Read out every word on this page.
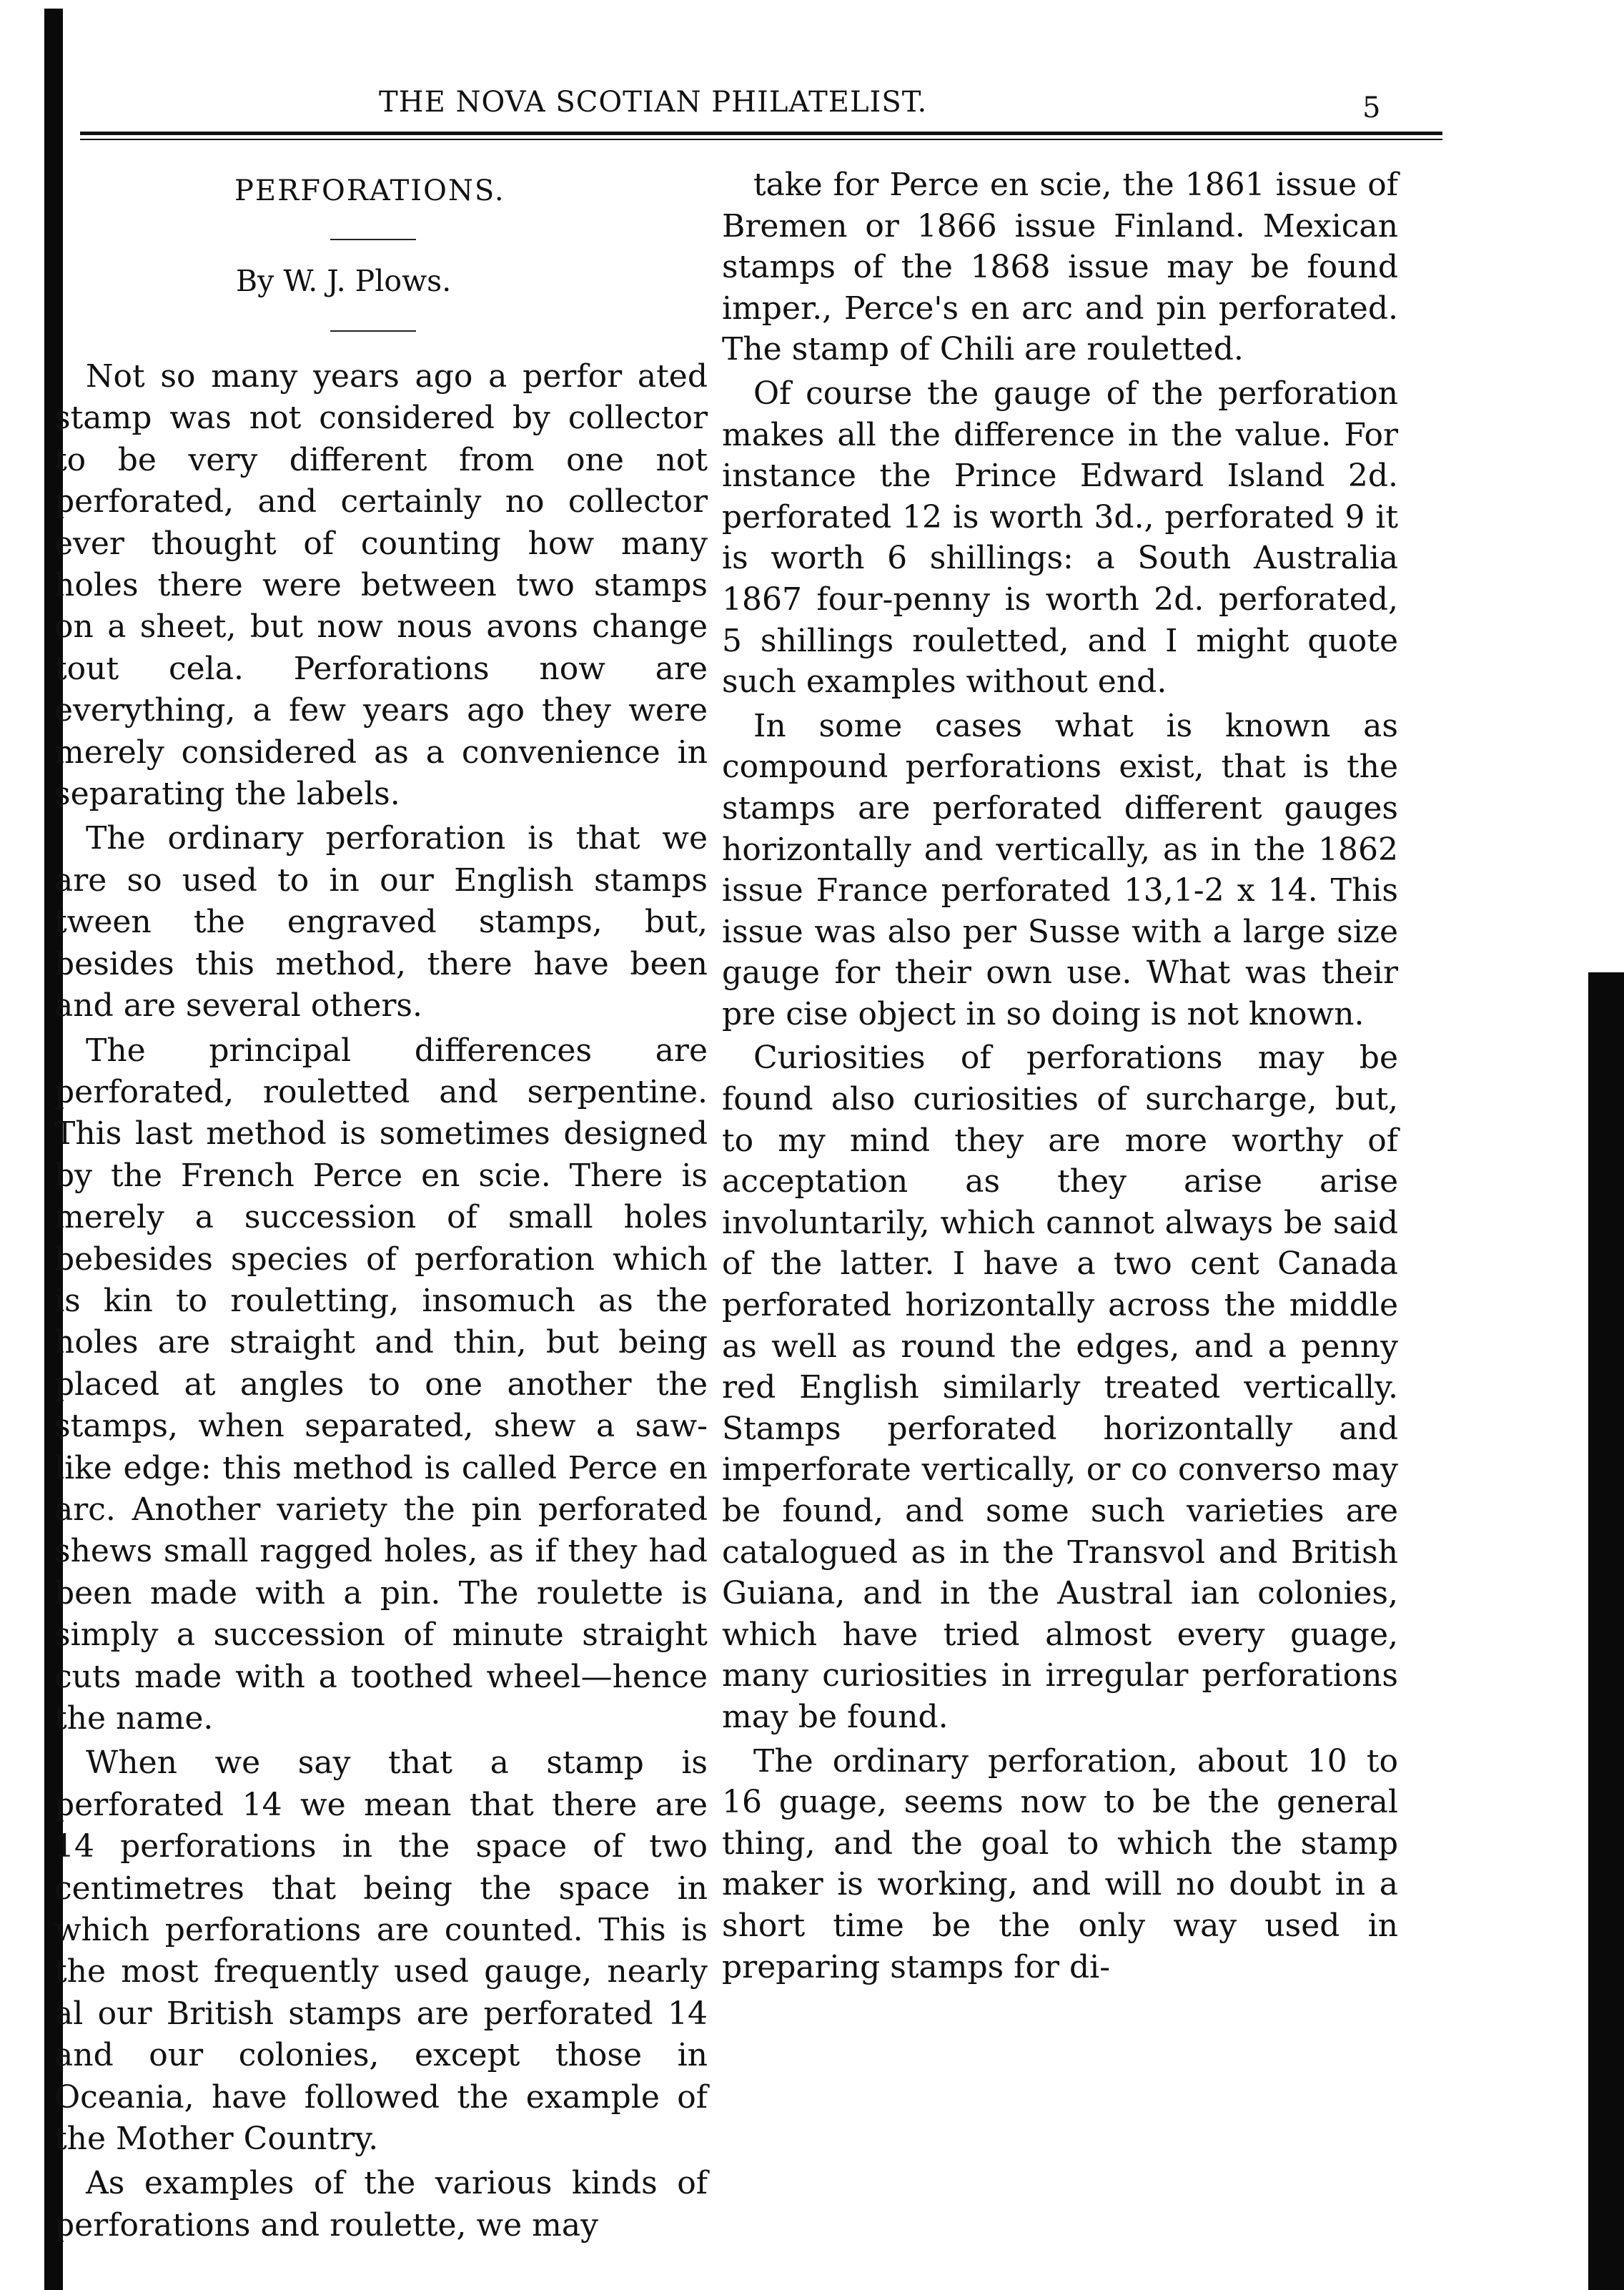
THE NOVA SCOTIAN PHILATELIST.	5
PERFORATIONS.
By W. J. Plows.

Not so many years ago a perfor ated stamp was not considered by collector to be very different from one not perforated, and certainly no collector ever thought of counting how many holes there were between two stamps on a sheet, but now nous avons change tout cela. Perforations now are everything, a few years ago they were merely considered as a convenience in separating the labels.

The ordinary perforation is that we are so used to in our English stamps tween the engraved stamps, but, besides this method, there have been and are several others.

The principal differences are perforated, rouletted and serpentine. This last method is sometimes designed by the French Perce en scie. There is merely a succession of small holes bebesides species of perforation which is kin to rouletting, insomuch as the holes are straight and thin, but being placed at angles to one another the stamps, when separated, shew a saw-like edge: this method is called Perce en arc. Another variety the pin perforated shews small ragged holes, as if they had been made with a pin. The roulette is simply a succession of minute straight cuts made with a toothed wheel—hence the name.

When we say that a stamp is perforated 14 we mean that there are 14 perforations in the space of two centimetres that being the space in which perforations are counted. This is the most frequently used gauge, nearly al our British stamps are perforated 14 and our colonies, except those in Oceania, have followed the example of the Mother Country.

As examples of the various kinds of perforations and roulette, we may

take for Perce en scie, the 1861 issue of Bremen or 1866 issue Finland. Mexican stamps of the 1868 issue may be found imper., Perce's en arc and pin perforated. The stamp of Chili are rouletted.

Of course the gauge of the perforation makes all the difference in the value. For instance the Prince Edward Island 2d. perforated 12 is worth 3d., perforated 9 it is worth 6 shillings: a South Australia 1867 four-penny is worth 2d. perforated, 5 shillings rouletted, and I might quote such examples without end.

In some cases what is known as compound perforations exist, that is the stamps are perforated different gauges horizontally and vertically, as in the 1862 issue France perforated 13,1-2 x 14. This issue was also per Susse with a large size gauge for their own use. What was their pre cise object in so doing is not known.

Curiosities of perforations may be found also curiosities of surcharge, but, to my mind they are more worthy of acceptation as they arise arise involuntarily, which cannot always be said of the latter. I have a two cent Canada perforated horizontally across the middle as well as round the edges, and a penny red English similarly treated vertically. Stamps perforated horizontally and imperforate vertically, or co converso may be found, and some such varieties are catalogued as in the Transvol and British Guiana, and in the Austral ian colonies, which have tried almost every guage, many curiosities in irregular perforations may be found.

The ordinary perforation, about 10 to 16 guage, seems now to be the general thing, and the goal to which the stamp maker is working, and will no doubt in a short time be the only way used in preparing stamps for di-
